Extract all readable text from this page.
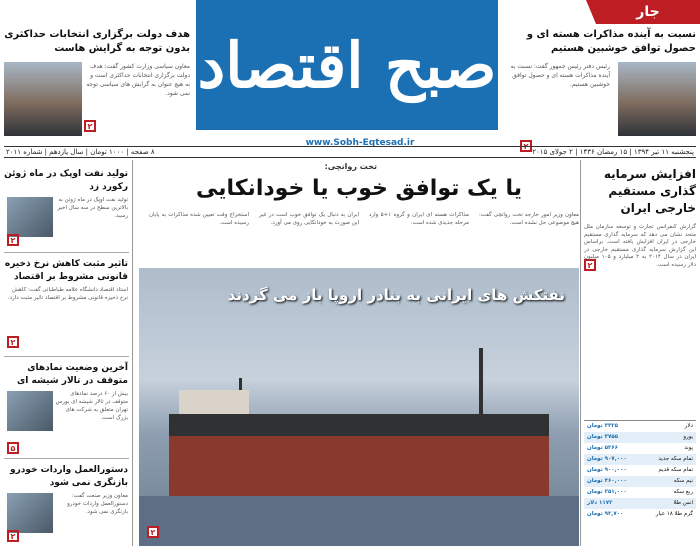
صبح اقتصاد
www.Sobh-Eqtesad.ir
جار
هدف دولت برگزاری انتخابات حداکثری بدون توجه به گرایش هاست

معاون سیاسی وزارت کشور گفت: هدف دولت برگزاری انتخابات حداکثری است و به هیچ عنوان به گرایش های سیاسی توجه نمی شود.

۲
نسبت به آینده مذاکرات هسته ای و حصول توافق خوشبین هستیم

رئیس دفتر رئیس جمهور گفت: نسبت به آینده مذاکرات هسته ای و حصول توافق خوشبین هستیم.

۲
پنجشنبه ۱۱ تیر ۱۳۹۴ | ۱۵ رمضان ۱۴۳۶ | ۲ جولای ۲۰۱۵
۸ صفحه | ۱۰۰۰ تومان | سال یازدهم | شماره ۲۰۱۱
تولید نفت اوپک در ماه ژوئن رکورد زد

تولید نفت اوپک در ماه ژوئن به بالاترین سطح در سه سال اخیر رسید.

۲
تاثیر مثبت کاهش نرخ ذخیره قانونی مشروط بر اقتصاد

استاد اقتصاد دانشگاه علامه طباطبائی گفت: کاهش نرخ ذخیره قانونی مشروط بر اقتصاد تاثیر مثبت دارد.

۲
آخرین وضعیت نمادهای متوقف در تالار شیشه ای

بیش از ۶۰ درصد نمادهای متوقف در تالار شیشه ای بورس تهران متعلق به شرکت های بزرگ است.

۵
دستورالعمل واردات خودرو بازنگری نمی شود

معاون وزیر صنعت گفت: دستورالعمل واردات خودرو بازنگری نمی شود.

۲
تخت روانچی:
یا یک توافق خوب یا خودانکایی
معاون وزیر امور خارجه تخت روانچی گفت: هیچ موضوعی حل نشده است.
مذاکرات هسته ای ایران و گروه ۱+۵ وارد مرحله جدیدی شده است.
ایران به دنبال یک توافق خوب است در غیر این صورت به خودانکایی روی می آورد.
استخراج وقت تعیین شده مذاکرات به پایان رسیده است.
نفتکش های ایرانی به بنادر اروپا باز می گردند
۲
افزایش سرمایه گذاری مستقیم خارجی ایران
گزارش کنفرانس تجارت و توسعه سازمان ملل متحد نشان می دهد که سرمایه گذاری مستقیم خارجی در ایران افزایش یافته است. براساس این گزارش سرمایه گذاری مستقیم خارجی در ایران در سال ۲۰۱۴ به ۲ میلیارد و ۱۰۵ میلیون دلار رسیده است.
۲
دلار
۳۳۲۵ تومان
یورو
۳۷۵۵ تومان
پوند
۵۲۶۶ تومان
تمام سکه جدید
۹۰۷,۰۰۰ تومان
تمام سکه قدیم
۹۰۰,۰۰۰ تومان
نیم سکه
۴۶۰,۰۰۰ تومان
ربع سکه
۲۵۱,۰۰۰ تومان
انس طلا
۱۱۷۲ دلار
گرم طلا ۱۸ عیار
۹۲,۷۰۰ تومان
